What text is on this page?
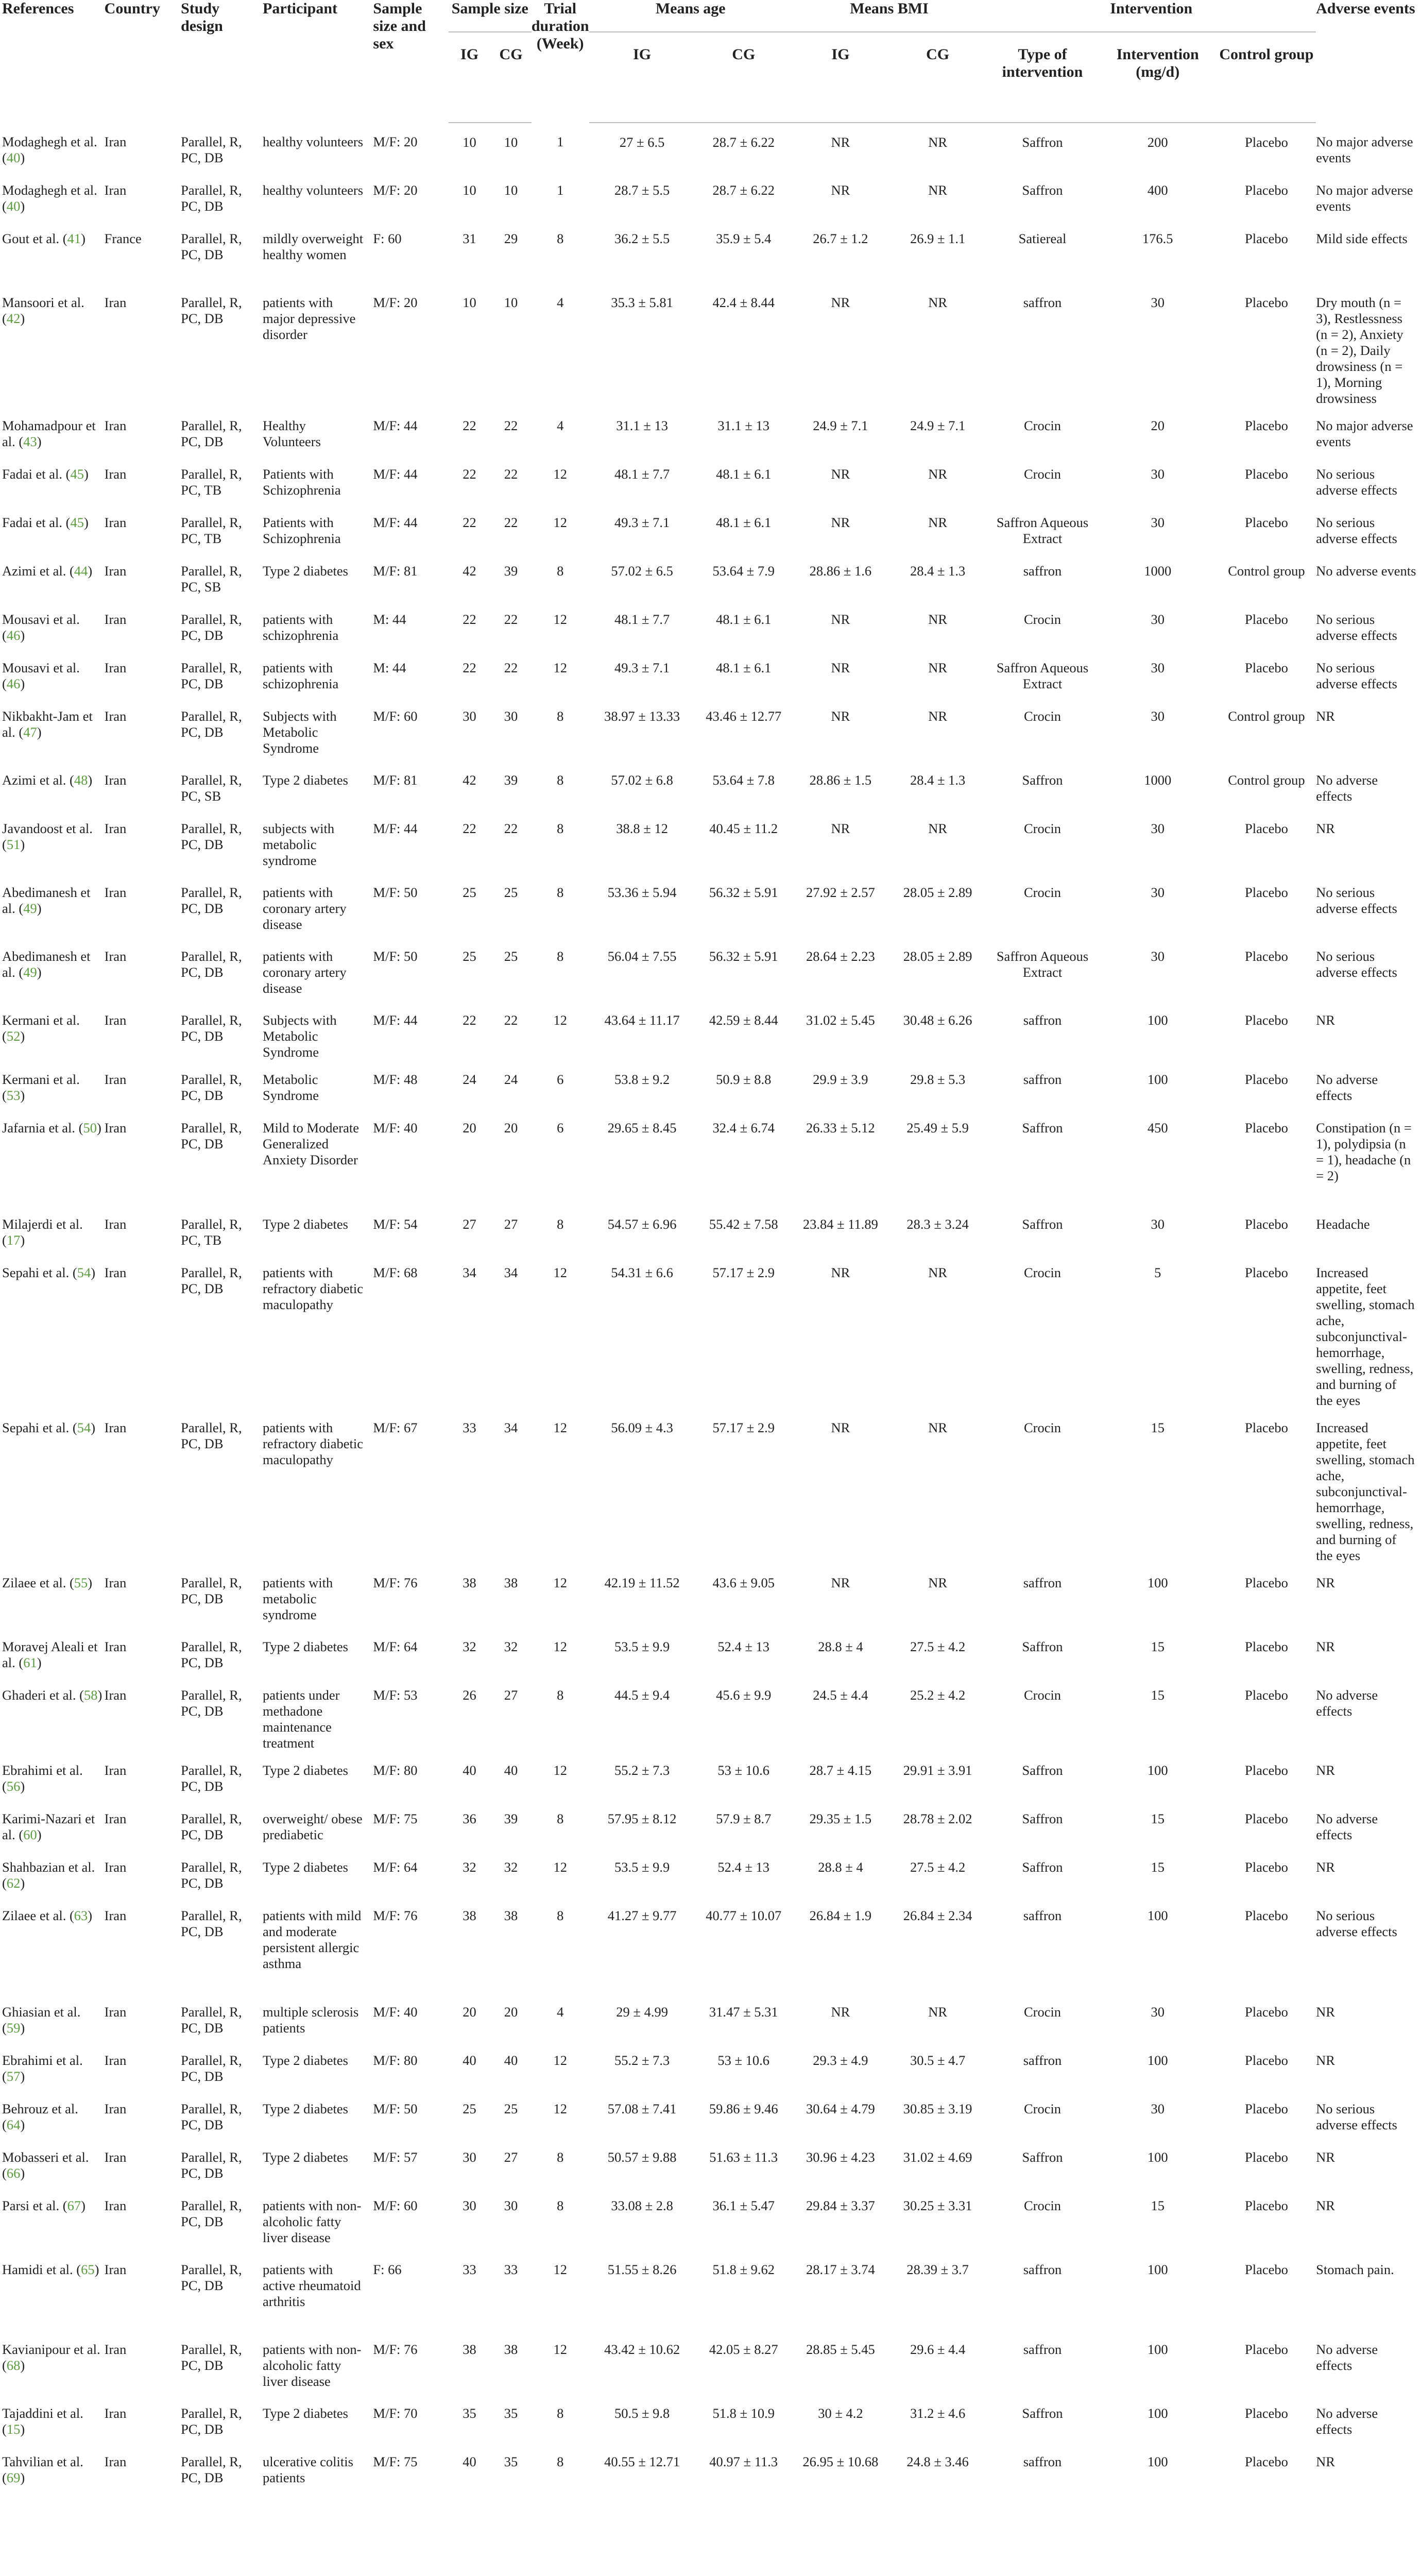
References	Country	Study design	Participant	Sample size and sex	Sample size		Trial duration (Week)	Means age		Means BMI		Intervention			Adverse events
					IG	CG		IG	CG	IG	CG	Type of intervention	Intervention (mg/d)	Control group	
Modaghegh et al. (40)	Iran	Parallel, R, PC, DB	healthy volunteers	M/F: 20	10	10	1	27 ± 6.5	28.7 ± 6.22	NR	NR	Saffron	200	Placebo	No major adverse events
Modaghegh et al. (40)	Iran	Parallel, R, PC, DB	healthy volunteers	M/F: 20	10	10	1	28.7 ± 5.5	28.7 ± 6.22	NR	NR	Saffron	400	Placebo	No major adverse events
Gout et al. (41)	France	Parallel, R, PC, DB	mildly overweight healthy women	F: 60	31	29	8	36.2 ± 5.5	35.9 ± 5.4	26.7 ± 1.2	26.9 ± 1.1	Satiereal	176.5	Placebo	Mild side effects
Mansoori et al. (42)	Iran	Parallel, R, PC, DB	patients with major depressive disorder	M/F: 20	10	10	4	35.3 ± 5.81	42.4 ± 8.44	NR	NR	saffron	30	Placebo	Dry mouth (n = 3), Restlessness (n = 2), Anxiety (n = 2), Daily drowsiness (n = 1), Morning drowsiness
Mohamadpour et al. (43)	Iran	Parallel, R, PC, DB	Healthy Volunteers	M/F: 44	22	22	4	31.1 ± 13	31.1 ± 13	24.9 ± 7.1	24.9 ± 7.1	Crocin	20	Placebo	No major adverse events
Fadai et al. (45)	Iran	Parallel, R, PC, TB	Patients with Schizophrenia	M/F: 44	22	22	12	48.1 ± 7.7	48.1 ± 6.1	NR	NR	Crocin	30	Placebo	No serious adverse effects
Fadai et al. (45)	Iran	Parallel, R, PC, TB	Patients with Schizophrenia	M/F: 44	22	22	12	49.3 ± 7.1	48.1 ± 6.1	NR	NR	Saffron Aqueous Extract	30	Placebo	No serious adverse effects
Azimi et al. (44)	Iran	Parallel, R, PC, SB	Type 2 diabetes	M/F: 81	42	39	8	57.02 ± 6.5	53.64 ± 7.9	28.86 ± 1.6	28.4 ± 1.3	saffron	1000	Control group	No adverse events
Mousavi et al. (46)	Iran	Parallel, R, PC, DB	patients with schizophrenia	M: 44	22	22	12	48.1 ± 7.7	48.1 ± 6.1	NR	NR	Crocin	30	Placebo	No serious adverse effects
Mousavi et al. (46)	Iran	Parallel, R, PC, DB	patients with schizophrenia	M: 44	22	22	12	49.3 ± 7.1	48.1 ± 6.1	NR	NR	Saffron Aqueous Extract	30	Placebo	No serious adverse effects
Nikbakht-Jam et al. (47)	Iran	Parallel, R, PC, DB	Subjects with Metabolic Syndrome	M/F: 60	30	30	8	38.97 ± 13.33	43.46 ± 12.77	NR	NR	Crocin	30	Control group	NR
Azimi et al. (48)	Iran	Parallel, R, PC, SB	Type 2 diabetes	M/F: 81	42	39	8	57.02 ± 6.8	53.64 ± 7.8	28.86 ± 1.5	28.4 ± 1.3	Saffron	1000	Control group	No adverse effects
Javandoost et al. (51)	Iran	Parallel, R, PC, DB	subjects with metabolic syndrome	M/F: 44	22	22	8	38.8 ± 12	40.45 ± 11.2	NR	NR	Crocin	30	Placebo	NR
Abedimanesh et al. (49)	Iran	Parallel, R, PC, DB	patients with coronary artery disease	M/F: 50	25	25	8	53.36 ± 5.94	56.32 ± 5.91	27.92 ± 2.57	28.05 ± 2.89	Crocin	30	Placebo	No serious adverse effects
Abedimanesh et al. (49)	Iran	Parallel, R, PC, DB	patients with coronary artery disease	M/F: 50	25	25	8	56.04 ± 7.55	56.32 ± 5.91	28.64 ± 2.23	28.05 ± 2.89	Saffron Aqueous Extract	30	Placebo	No serious adverse effects
Kermani et al. (52)	Iran	Parallel, R, PC, DB	Subjects with Metabolic Syndrome	M/F: 44	22	22	12	43.64 ± 11.17	42.59 ± 8.44	31.02 ± 5.45	30.48 ± 6.26	saffron	100	Placebo	NR
Kermani et al. (53)	Iran	Parallel, R, PC, DB	Metabolic Syndrome	M/F: 48	24	24	6	53.8 ± 9.2	50.9 ± 8.8	29.9 ± 3.9	29.8 ± 5.3	saffron	100	Placebo	No adverse effects
Jafarnia et al. (50)	Iran	Parallel, R, PC, DB	Mild to Moderate Generalized Anxiety Disorder	M/F: 40	20	20	6	29.65 ± 8.45	32.4 ± 6.74	26.33 ± 5.12	25.49 ± 5.9	Saffron	450	Placebo	Constipation (n = 1), polydipsia (n = 1), headache (n = 2)
Milajerdi et al. (17)	Iran	Parallel, R, PC, TB	Type 2 diabetes	M/F: 54	27	27	8	54.57 ± 6.96	55.42 ± 7.58	23.84 ± 11.89	28.3 ± 3.24	Saffron	30	Placebo	Headache
Sepahi et al. (54)	Iran	Parallel, R, PC, DB	patients with refractory diabetic maculopathy	M/F: 68	34	34	12	54.31 ± 6.6	57.17 ± 2.9	NR	NR	Crocin	5	Placebo	Increased appetite, feet swelling, stomach ache, subconjunctival-hemorrhage, swelling, redness, and burning of the eyes
Sepahi et al. (54)	Iran	Parallel, R, PC, DB	patients with refractory diabetic maculopathy	M/F: 67	33	34	12	56.09 ± 4.3	57.17 ± 2.9	NR	NR	Crocin	15	Placebo	Increased appetite, feet swelling, stomach ache, subconjunctival-hemorrhage, swelling, redness, and burning of the eyes
Zilaee et al. (55)	Iran	Parallel, R, PC, DB	patients with metabolic syndrome	M/F: 76	38	38	12	42.19 ± 11.52	43.6 ± 9.05	NR	NR	saffron	100	Placebo	NR
Moravej Aleali et al. (61)	Iran	Parallel, R, PC, DB	Type 2 diabetes	M/F: 64	32	32	12	53.5 ± 9.9	52.4 ± 13	28.8 ± 4	27.5 ± 4.2	Saffron	15	Placebo	NR
Ghaderi et al. (58)	Iran	Parallel, R, PC, DB	patients under methadone maintenance treatment	M/F: 53	26	27	8	44.5 ± 9.4	45.6 ± 9.9	24.5 ± 4.4	25.2 ± 4.2	Crocin	15	Placebo	No adverse effects
Ebrahimi et al. (56)	Iran	Parallel, R, PC, DB	Type 2 diabetes	M/F: 80	40	40	12	55.2 ± 7.3	53 ± 10.6	28.7 ± 4.15	29.91 ± 3.91	Saffron	100	Placebo	NR
Karimi-Nazari et al. (60)	Iran	Parallel, R, PC, DB	overweight/ obese prediabetic	M/F: 75	36	39	8	57.95 ± 8.12	57.9 ± 8.7	29.35 ± 1.5	28.78 ± 2.02	Saffron	15	Placebo	No adverse effects
Shahbazian et al. (62)	Iran	Parallel, R, PC, DB	Type 2 diabetes	M/F: 64	32	32	12	53.5 ± 9.9	52.4 ± 13	28.8 ± 4	27.5 ± 4.2	Saffron	15	Placebo	NR
Zilaee et al. (63)	Iran	Parallel, R, PC, DB	patients with mild and moderate persistent allergic asthma	M/F: 76	38	38	8	41.27 ± 9.77	40.77 ± 10.07	26.84 ± 1.9	26.84 ± 2.34	saffron	100	Placebo	No serious adverse effects
Ghiasian et al. (59)	Iran	Parallel, R, PC, DB	multiple sclerosis patients	M/F: 40	20	20	4	29 ± 4.99	31.47 ± 5.31	NR	NR	Crocin	30	Placebo	NR
Ebrahimi et al. (57)	Iran	Parallel, R, PC, DB	Type 2 diabetes	M/F: 80	40	40	12	55.2 ± 7.3	53 ± 10.6	29.3 ± 4.9	30.5 ± 4.7	saffron	100	Placebo	NR
Behrouz et al. (64)	Iran	Parallel, R, PC, DB	Type 2 diabetes	M/F: 50	25	25	12	57.08 ± 7.41	59.86 ± 9.46	30.64 ± 4.79	30.85 ± 3.19	Crocin	30	Placebo	No serious adverse effects
Mobasseri et al. (66)	Iran	Parallel, R, PC, DB	Type 2 diabetes	M/F: 57	30	27	8	50.57 ± 9.88	51.63 ± 11.3	30.96 ± 4.23	31.02 ± 4.69	Saffron	100	Placebo	NR
Parsi et al. (67)	Iran	Parallel, R, PC, DB	patients with non-alcoholic fatty liver disease	M/F: 60	30	30	8	33.08 ± 2.8	36.1 ± 5.47	29.84 ± 3.37	30.25 ± 3.31	Crocin	15	Placebo	NR
Hamidi et al. (65)	Iran	Parallel, R, PC, DB	patients with active rheumatoid arthritis	F: 66	33	33	12	51.55 ± 8.26	51.8 ± 9.62	28.17 ± 3.74	28.39 ± 3.7	saffron	100	Placebo	Stomach pain.
Kavianipour et al. (68)	Iran	Parallel, R, PC, DB	patients with non-alcoholic fatty liver disease	M/F: 76	38	38	12	43.42 ± 10.62	42.05 ± 8.27	28.85 ± 5.45	29.6 ± 4.4	saffron	100	Placebo	No adverse effects
Tajaddini et al. (15)	Iran	Parallel, R, PC, DB	Type 2 diabetes	M/F: 70	35	35	8	50.5 ± 9.8	51.8 ± 10.9	30 ± 4.2	31.2 ± 4.6	Saffron	100	Placebo	No adverse effects
Tahvilian et al. (69)	Iran	Parallel, R, PC, DB	ulcerative colitis patients	M/F: 75	40	35	8	40.55 ± 12.71	40.97 ± 11.3	26.95 ± 10.68	24.8 ± 3.46	saffron	100	Placebo	NR
